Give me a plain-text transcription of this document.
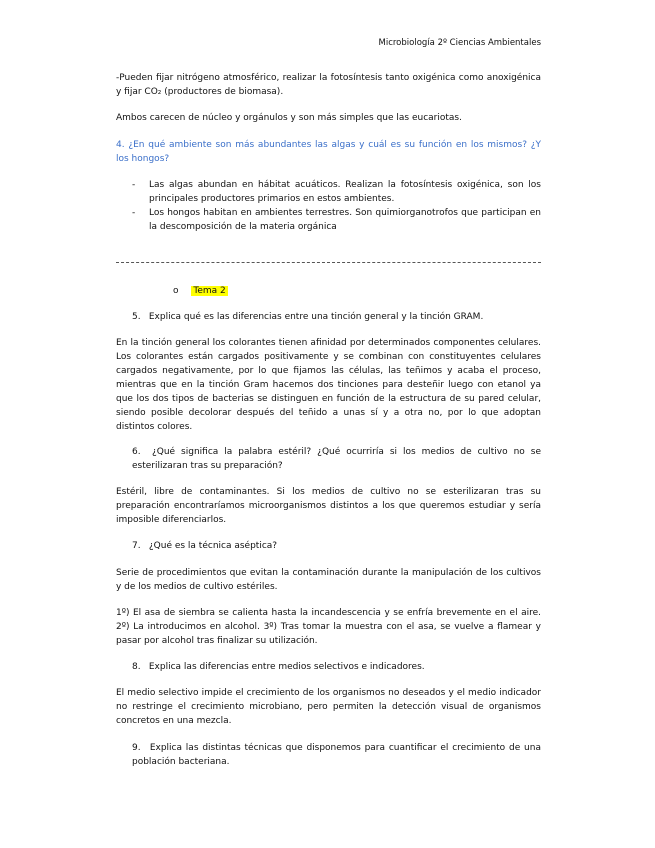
Microbiología 2º Ciencias Ambientales
-Pueden fijar nitrógeno atmosférico, realizar la fotosíntesis tanto oxigénica como anoxigénica y fijar CO₂ (productores de biomasa).
Ambos carecen de núcleo y orgánulos y son más simples que las eucariotas.
4. ¿En qué ambiente son más abundantes las algas y cuál es su función en los mismos? ¿Y los hongos?
- Las algas abundan en hábitat acuáticos. Realizan la fotosíntesis oxigénica, son los principales productores primarios en estos ambientes.
- Los hongos habitan en ambientes terrestres. Son quimiorganotrofos que participan en la descomposición de la materia orgánica
o Tema 2
5. Explica qué es las diferencias entre una tinción general y la tinción GRAM.
En la tinción general los colorantes tienen afinidad por determinados componentes celulares. Los colorantes están cargados positivamente y se combinan con constituyentes celulares cargados negativamente, por lo que fijamos las células, las teñimos y acaba el proceso, mientras que en la tinción Gram hacemos dos tinciones para desteñir luego con etanol ya que los dos tipos de bacterias se distinguen en función de la estructura de su pared celular, siendo posible decolorar después del teñido a unas sí y a otra no, por lo que adoptan distintos colores.
6. ¿Qué significa la palabra estéril? ¿Qué ocurriría si los medios de cultivo no se esterilizaran tras su preparación?
Estéril, libre de contaminantes. Si los medios de cultivo no se esterilizaran tras su preparación encontraríamos microorganismos distintos a los que queremos estudiar y sería imposible diferenciarlos.
7. ¿Qué es la técnica aséptica?
Serie de procedimientos que evitan la contaminación durante la manipulación de los cultivos y de los medios de cultivo estériles.
1º) El asa de siembra se calienta hasta la incandescencia y se enfría brevemente en el aire. 2º) La introducimos en alcohol. 3º) Tras tomar la muestra con el asa, se vuelve a flamear y pasar por alcohol tras finalizar su utilización.
8. Explica las diferencias entre medios selectivos e indicadores.
El medio selectivo impide el crecimiento de los organismos no deseados y el medio indicador no restringe el crecimiento microbiano, pero permiten la detección visual de organismos concretos en una mezcla.
9. Explica las distintas técnicas que disponemos para cuantificar el crecimiento de una población bacteriana.
